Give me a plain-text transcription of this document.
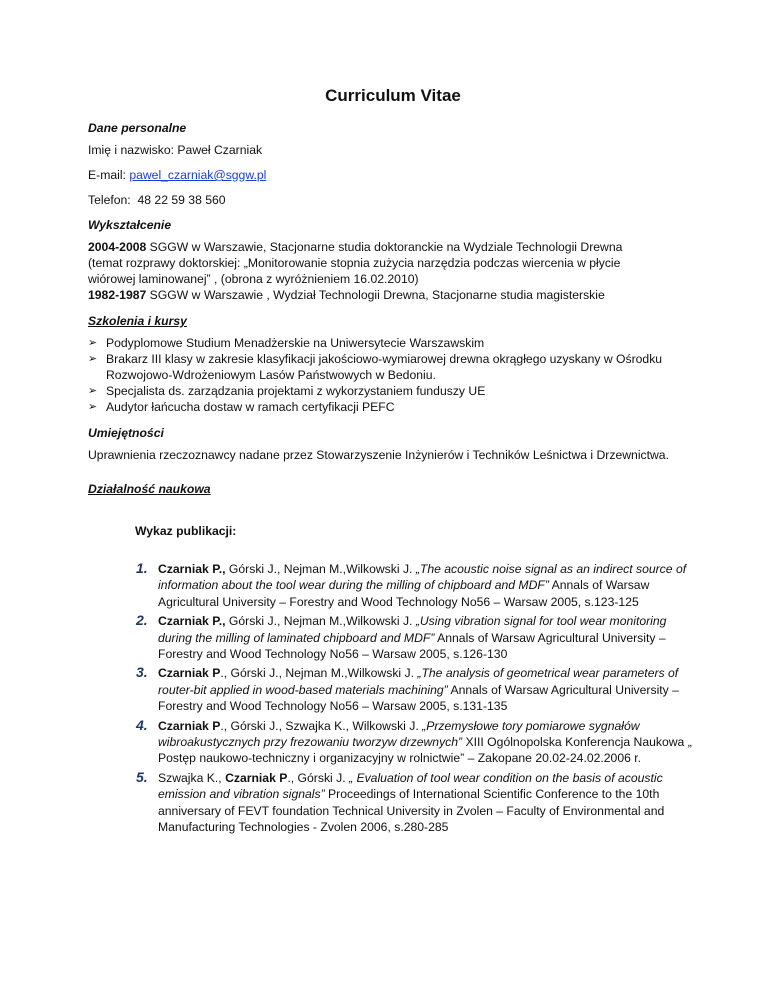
Curriculum Vitae
Dane personalne

Imię i nazwisko: Paweł Czarniak

E-mail: pawel_czarniak@sggw.pl

Telefon: 48 22 59 38 560

Wykształcenie
2004-2008 SGGW w Warszawie, Stacjonarne studia doktoranckie na Wydziale Technologii Drewna
(temat rozprawy doktorskiej: „Monitorowanie stopnia zużycia narzędzia podczas wiercenia w płycie
wiórowej laminowanej” , (obrona z wyróżnieniem 16.02.2010)
1982-1987 SGGW w Warszawie , Wydział Technologii Drewna, Stacjonarne studia magisterskie
Szkolenia i kursy
➢ Podyplomowe Studium Menadżerskie na Uniwersytecie Warszawskim
➢ Brakarz III klasy w zakresie klasyfikacji jakościowo-wymiarowej drewna okrągłego uzyskany w Ośrodku Rozwojowo-Wdrożeniowym Lasów Państwowych w Bedoniu.
➢ Specjalista ds. zarządzania projektami z wykorzystaniem funduszy UE
➢ Audytor łańcucha dostaw w ramach certyfikacji PEFC
Umiejętności

Uprawnienia rzeczoznawcy nadane przez Stowarzyszenie Inżynierów i Techników Leśnictwa i Drzewnictwa.

Działalność naukowa
Wykaz publikacji:
1. Czarniak P., Górski J., Nejman M.,Wilkowski J. „The acoustic noise signal as an indirect source of information about the tool wear during the milling of chipboard and MDF” Annals of Warsaw Agricultural University – Forestry and Wood Technology No56 – Warsaw 2005, s.123-125
2. Czarniak P., Górski J., Nejman M.,Wilkowski J. „Using vibration signal for tool wear monitoring during the milling of laminated chipboard and MDF” Annals of Warsaw Agricultural University – Forestry and Wood Technology No56 – Warsaw 2005, s.126-130
3. Czarniak P., Górski J., Nejman M.,Wilkowski J. „The analysis of geometrical wear parameters of router-bit applied in wood-based materials machining” Annals of Warsaw Agricultural University – Forestry and Wood Technology No56 – Warsaw 2005, s.131-135
4. Czarniak P., Górski J., Szwajka K., Wilkowski J. „Przemysłowe tory pomiarowe sygnałów wibroakustycznych przy frezowaniu tworzyw drzewnych” XIII Ogólnopolska Konferencja Naukowa „ Postęp naukowo-techniczny i organizacyjny w rolnictwie” – Zakopane 20.02-24.02.2006 r.
5. Szwajka K., Czarniak P., Górski J. „ Evaluation of tool wear condition on the basis of acoustic emission and vibration signals” Proceedings of International Scientific Conference to the 10th anniversary of FEVT foundation Technical University in Zvolen – Faculty of Environmental and Manufacturing Technologies - Zvolen 2006, s.280-285
